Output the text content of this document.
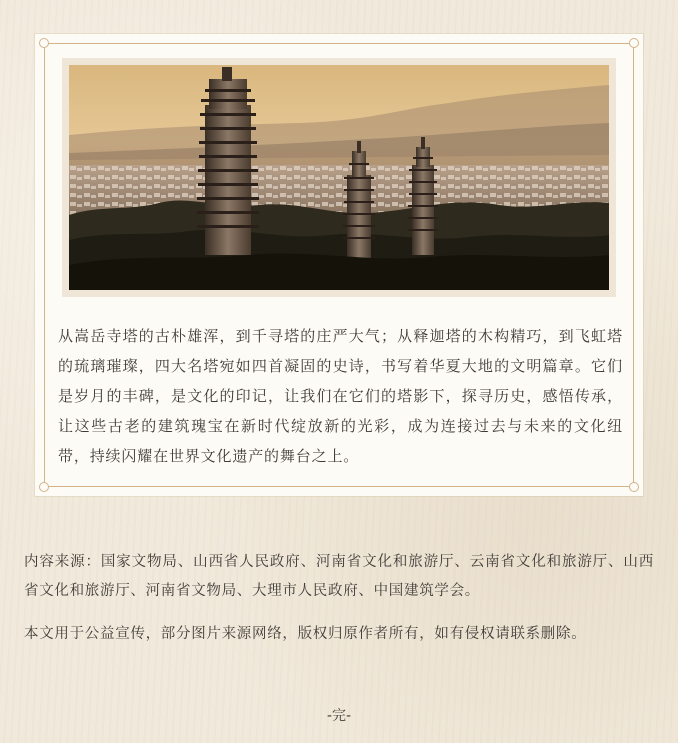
从嵩岳寺塔的古朴雄浑，到千寻塔的庄严大气；从释迦塔的木构精巧，到飞虹塔的琉璃璀璨，四大名塔宛如四首凝固的史诗，书写着华夏大地的文明篇章。它们是岁月的丰碑，是文化的印记，让我们在它们的塔影下，探寻历史，感悟传承，让这些古老的建筑瑰宝在新时代绽放新的光彩，成为连接过去与未来的文化纽带，持续闪耀在世界文化遗产的舞台之上。

内容来源：国家文物局、山西省人民政府、河南省文化和旅游厅、云南省文化和旅游厅、山西省文化和旅游厅、河南省文物局、大理市人民政府、中国建筑学会。

本文用于公益宣传，部分图片来源网络，版权归原作者所有，如有侵权请联系删除。

-完-
